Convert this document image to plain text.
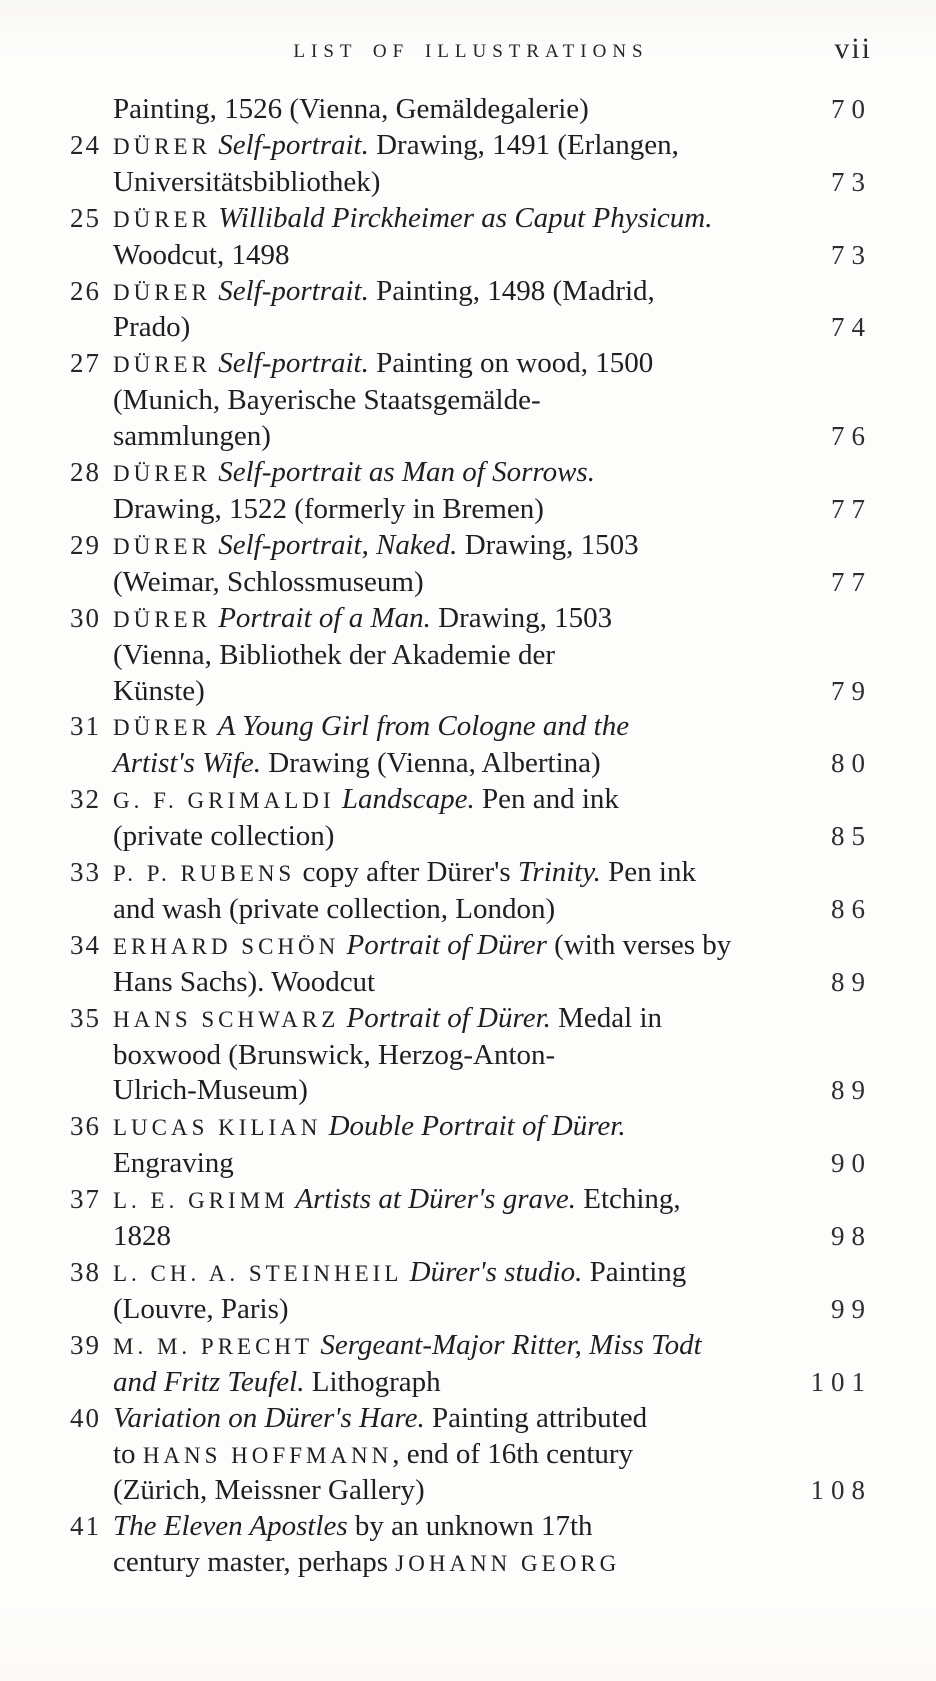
LIST OF ILLUSTRATIONS	vii
Painting, 1526 (Vienna, Gemäldegalerie)	70
24 DÜRER Self-portrait. Drawing, 1491 (Erlangen,
Universitätsbibliothek)	73
25 DÜRER Willibald Pirckheimer as Caput Physicum.
Woodcut, 1498	73
26 DÜRER Self-portrait. Painting, 1498 (Madrid,
Prado)	74
27 DÜRER Self-portrait. Painting on wood, 1500
(Munich, Bayerische Staatsgemälde-
sammlungen)	76
28 DÜRER Self-portrait as Man of Sorrows.
Drawing, 1522 (formerly in Bremen)	77
29 DÜRER Self-portrait, Naked. Drawing, 1503
(Weimar, Schlossmuseum)	77
30 DÜRER Portrait of a Man. Drawing, 1503
(Vienna, Bibliothek der Akademie der
Künste)	79
31 DÜRER A Young Girl from Cologne and the
Artist's Wife. Drawing (Vienna, Albertina)	80
32 G. F. GRIMALDI Landscape. Pen and ink
(private collection)	85
33 P. P. RUBENS copy after Dürer's Trinity. Pen ink
and wash (private collection, London)	86
34 ERHARD SCHÖN Portrait of Dürer (with verses by
Hans Sachs). Woodcut	89
35 HANS SCHWARZ Portrait of Dürer. Medal in
boxwood (Brunswick, Herzog-Anton-
Ulrich-Museum)	89
36 LUCAS KILIAN Double Portrait of Dürer.
Engraving	90
37 L. E. GRIMM Artists at Dürer's grave. Etching,
1828	98
38 L. CH. A. STEINHEIL Dürer's studio. Painting
(Louvre, Paris)	99
39 M. M. PRECHT Sergeant-Major Ritter, Miss Todt
and Fritz Teufel. Lithograph	101
40 Variation on Dürer's Hare. Painting attributed
to HANS HOFFMANN, end of 16th century
(Zürich, Meissner Gallery)	108
41 The Eleven Apostles by an unknown 17th
century master, perhaps JOHANN GEORG
